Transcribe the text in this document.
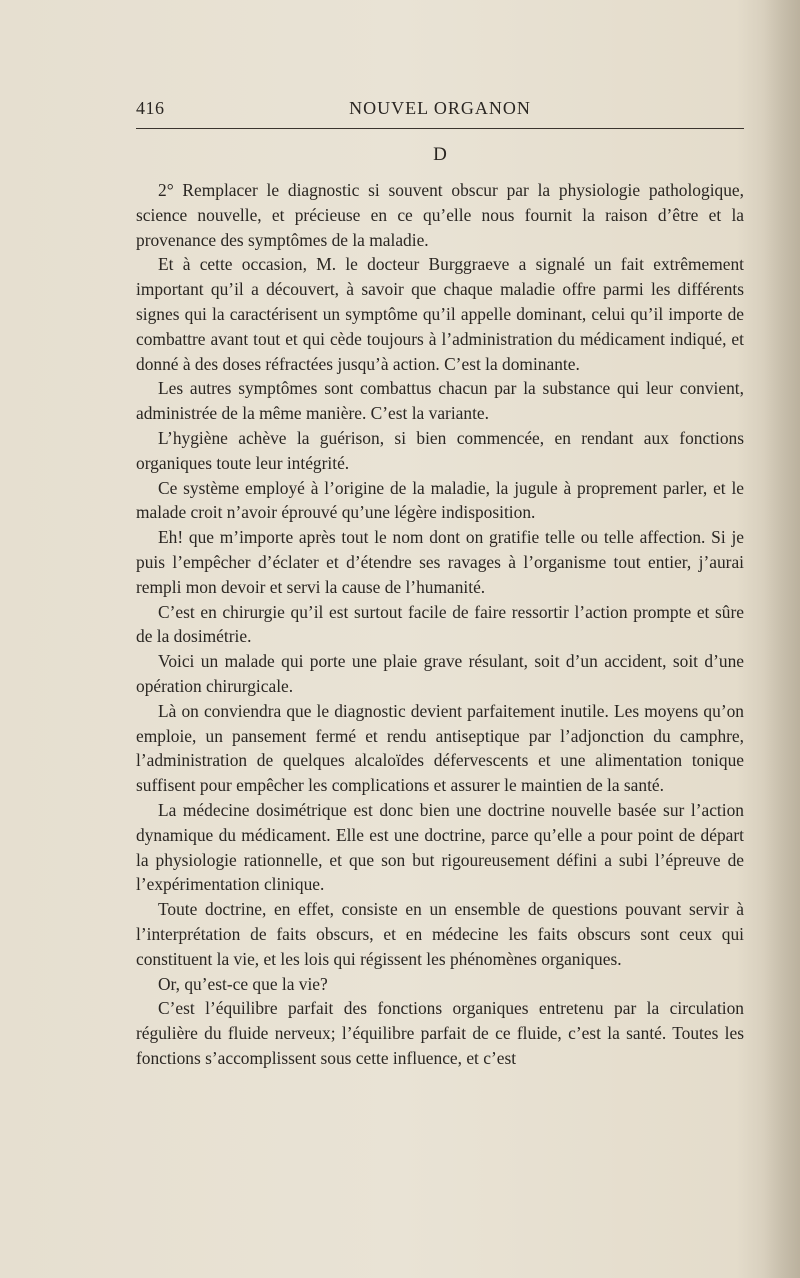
416	NOUVEL ORGANON
D

2° Remplacer le diagnostic si souvent obscur par la physiologie pathologique, science nouvelle, et précieuse en ce qu’elle nous fournit la raison d’être et la provenance des symptômes de la maladie.

Et à cette occasion, M. le docteur Burggraeve a signalé un fait extrêmement important qu’il a découvert, à savoir que chaque maladie offre parmi les différents signes qui la caractérisent un symptôme qu’il appelle dominant, celui qu’il importe de combattre avant tout et qui cède toujours à l’administration du médicament indiqué, et donné à des doses réfractées jusqu’à action. C’est la dominante.

Les autres symptômes sont combattus chacun par la substance qui leur convient, administrée de la même manière. C’est la variante.

L’hygiène achève la guérison, si bien commencée, en rendant aux fonctions organiques toute leur intégrité.

Ce système employé à l’origine de la maladie, la jugule à proprement parler, et le malade croit n’avoir éprouvé qu’une légère indisposition.

Eh! que m’importe après tout le nom dont on gratifie telle ou telle affection. Si je puis l’empêcher d’éclater et d’étendre ses ravages à l’organisme tout entier, j’aurai rempli mon devoir et servi la cause de l’humanité.

C’est en chirurgie qu’il est surtout facile de faire ressortir l’action prompte et sûre de la dosimétrie.

Voici un malade qui porte une plaie grave résulant, soit d’un accident, soit d’une opération chirurgicale.

Là on conviendra que le diagnostic devient parfaitement inutile. Les moyens qu’on emploie, un pansement fermé et rendu antiseptique par l’adjonction du camphre, l’administration de quelques alcaloïdes défervescents et une alimentation tonique suffisent pour empêcher les complications et assurer le maintien de la santé.

La médecine dosimétrique est donc bien une doctrine nouvelle basée sur l’action dynamique du médicament. Elle est une doctrine, parce qu’elle a pour point de départ la physiologie rationnelle, et que son but rigoureusement défini a subi l’épreuve de l’expérimentation clinique.

Toute doctrine, en effet, consiste en un ensemble de questions pouvant servir à l’interprétation de faits obscurs, et en médecine les faits obscurs sont ceux qui constituent la vie, et les lois qui régissent les phénomènes organiques.

Or, qu’est-ce que la vie?

C’est l’équilibre parfait des fonctions organiques entretenu par la circulation régulière du fluide nerveux; l’équilibre parfait de ce fluide, c’est la santé. Toutes les fonctions s’accomplissent sous cette influence, et c’est
